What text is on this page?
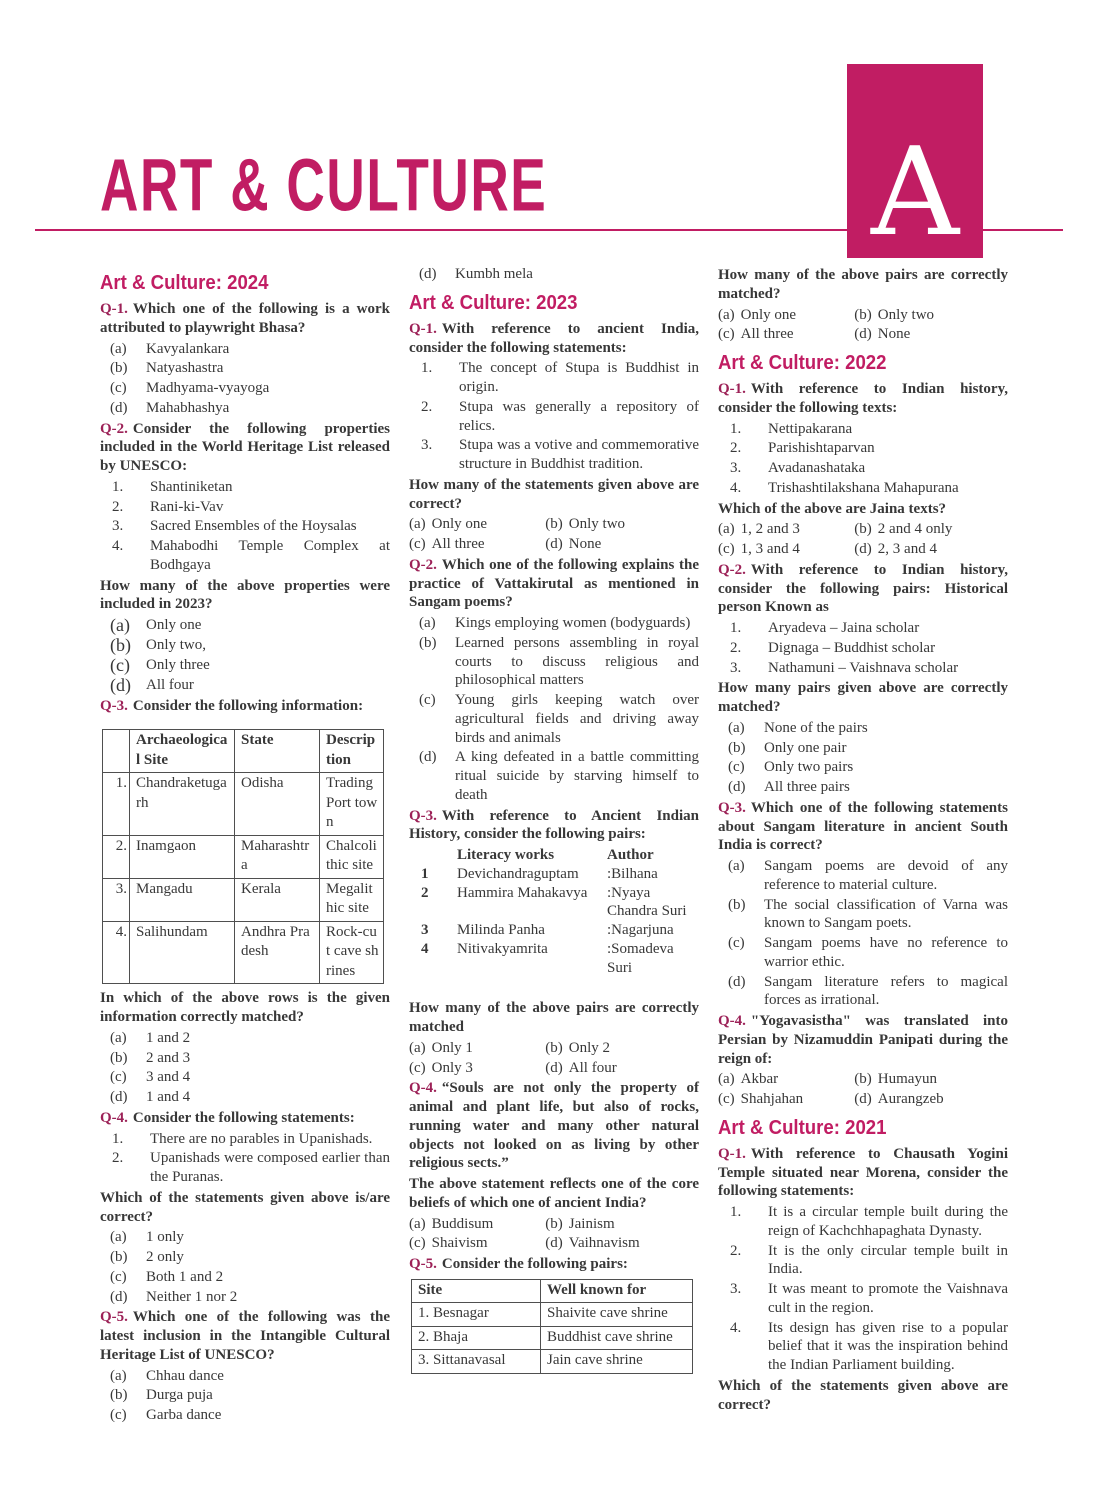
ART & CULTURE	A
Art & Culture: 2024

Q-1. Which one of the following is a work attributed to playwright Bhasa?

(a)	Kavyalankara
(b)	Natyashastra
(c)	Madhyama-vyayoga
(d)	Mahabhashya

Q-2. Consider the following properties included in the World Heritage List released by UNESCO:

1.	Shantiniketan
2.	Rani-ki-Vav
3.	Sacred Ensembles of the Hoysalas
4.	Mahabodhi Temple Complex at Bodhgaya
How many of the above properties were included in 2023?
(a)	Only one
(b)	Only two,
(c)	Only three
(d)	All four

Q-3. Consider the following information:

	Archaeological Site	State	Description
1.	Chandraketugarh	Odisha	Trading Port town
2.	Inamgaon	Maharashtra	Chalcolithic site
3.	Mangadu	Kerala	Megalithic site
4.	Salihundam	Andhra Pradesh	Rock-cut cave shrines
In which of the above rows is the given information correctly matched?
(a)	1 and 2
(b)	2 and 3
(c)	3 and 4
(d)	1 and 4

Q-4. Consider the following statements:

1.	There are no parables in Upanishads.
2.	Upanishads were composed earlier than the Puranas.
Which of the statements given above is/are correct?
(a)	1 only
(b)	2 only
(c)	Both 1 and 2
(d)	Neither 1 nor 2

Q-5. Which one of the following was the latest inclusion in the Intangible Cultural Heritage List of UNESCO?

(a)	Chhau dance
(b)	Durga puja
(c)	Garba dance
(d)	Kumbh mela
Art & Culture: 2023

Q-1. With reference to ancient India, consider the following statements:

1.	The concept of Stupa is Buddhist in origin.
2.	Stupa was generally a repository of relics.
3.	Stupa was a votive and commemorative structure in Buddhist tradition.
How many of the statements given above are correct?
(a) Only one	(b) Only two
(c) All three	(d) None

Q-2. Which one of the following explains the practice of Vattakirutal as mentioned in Sangam poems?

(a)	Kings employing women (bodyguards)
(b)	Learned persons assembling in royal courts to discuss religious and philosophical matters
(c)	Young girls keeping watch over agricultural fields and driving away birds and animals
(d)	A king defeated in a battle committing ritual suicide by starving himself to death

Q-3. With reference to Ancient Indian History, consider the following pairs:

Literacy works	Author
1	Devichandraguptam	:Bilhana
2	Hammira Mahakavya	:Nyaya Chandra Suri
3	Milinda Panha	:Nagarjuna
4	Nitivakyamrita	:Somadeva Suri
How many of the above pairs are correctly matched
(a) Only 1	(b) Only 2
(c) Only 3	(d) All four

Q-4. “Souls are not only the property of animal and plant life, but also of rocks, running water and many other natural objects not looked on as living by other religious sects.”

The above statement reflects one of the core beliefs of which one of ancient India?
(a) Buddisum	(b) Jainism
(c) Shaivism	(d) Vaihnavism

Q-5. Consider the following pairs:

Site	Well known for
1. Besnagar	Shaivite cave shrine
2. Bhaja	Buddhist cave shrine
3. Sittanavasal	Jain cave shrine
How many of the above pairs are correctly matched?
(a) Only one	(b) Only two
(c) All three	(d) None
Art & Culture: 2022

Q-1. With reference to Indian history, consider the following texts:

1.	Nettipakarana
2.	Parishishtaparvan
3.	Avadanashataka
4.	Trishashtilakshana Mahapurana
Which of the above are Jaina texts?
(a) 1, 2 and 3	(b) 2 and 4 only
(c) 1, 3 and 4	(d) 2, 3 and 4

Q-2. With reference to Indian history, consider the following pairs: Historical person Known as

1.	Aryadeva – Jaina scholar
2.	Dignaga – Buddhist scholar
3.	Nathamuni – Vaishnava scholar
How many pairs given above are correctly matched?
(a)	None of the pairs
(b)	Only one pair
(c)	Only two pairs
(d)	All three pairs

Q-3. Which one of the following statements about Sangam literature in ancient South India is correct?

(a)	Sangam poems are devoid of any reference to material culture.
(b)	The social classification of Varna was known to Sangam poets.
(c)	Sangam poems have no reference to warrior ethic.
(d)	Sangam literature refers to magical forces as irrational.

Q-4. "Yogavasistha" was translated into Persian by Nizamuddin Panipati during the reign of:

(a) Akbar	(b) Humayun
(c) Shahjahan	(d) Aurangzeb
Art & Culture: 2021

Q-1. With reference to Chausath Yogini Temple situated near Morena, consider the following statements:

1.	It is a circular temple built during the reign of Kachchhapaghata Dynasty.
2.	It is the only circular temple built in India.
3.	It was meant to promote the Vaishnava cult in the region.
4.	Its design has given rise to a popular belief that it was the inspiration behind the Indian Parliament building.
Which of the statements given above are correct?
